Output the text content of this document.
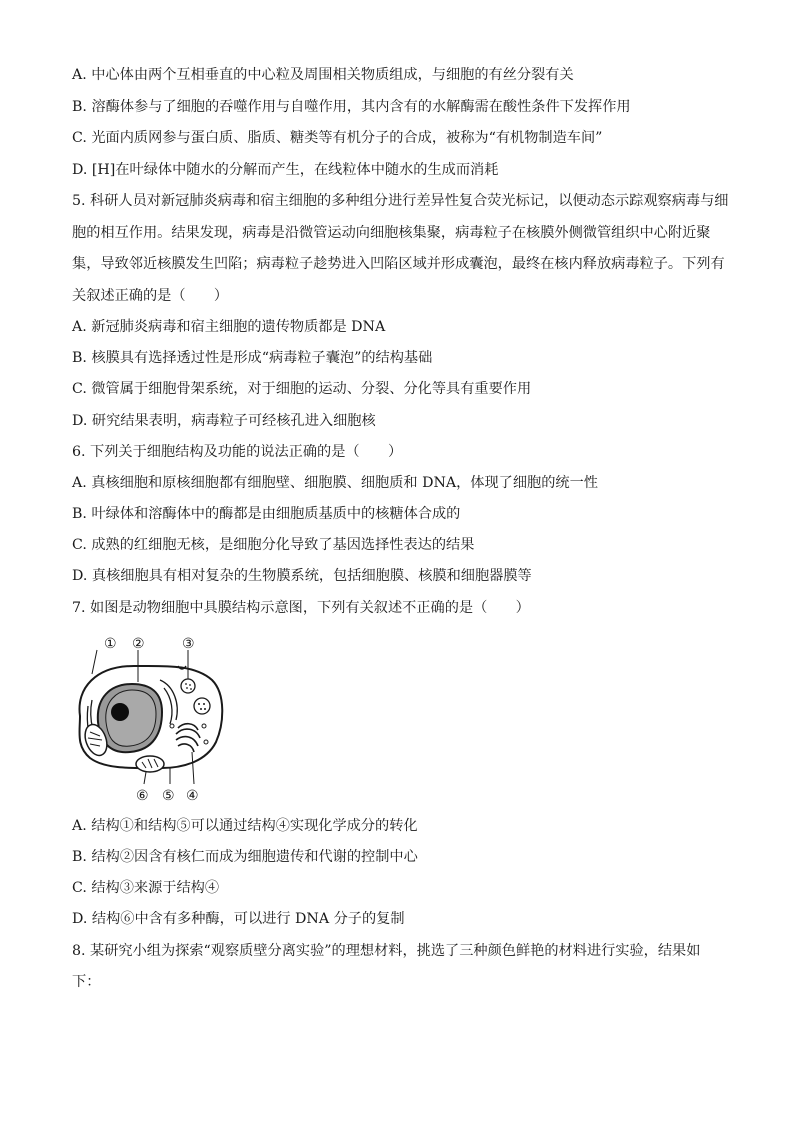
A. 中心体由两个互相垂直的中心粒及周围相关物质组成，与细胞的有丝分裂有关
B. 溶酶体参与了细胞的吞噬作用与自噬作用，其内含有的水解酶需在酸性条件下发挥作用
C. 光面内质网参与蛋白质、脂质、糖类等有机分子的合成，被称为“有机物制造车间”
D. [H]在叶绿体中随水的分解而产生，在线粒体中随水的生成而消耗
5. 科研人员对新冠肺炎病毒和宿主细胞的多种组分进行差异性复合荧光标记，以便动态示踪观察病毒与细
胞的相互作用。结果发现，病毒是沿微管运动向细胞核集聚，病毒粒子在核膜外侧微管组织中心附近聚
集，导致邻近核膜发生凹陷；病毒粒子趁势进入凹陷区域并形成囊泡，最终在核内释放病毒粒子。下列有
关叙述正确的是（　　）
A. 新冠肺炎病毒和宿主细胞的遗传物质都是 DNA
B. 核膜具有选择透过性是形成“病毒粒子囊泡”的结构基础
C. 微管属于细胞骨架系统，对于细胞的运动、分裂、分化等具有重要作用
D. 研究结果表明，病毒粒子可经核孔进入细胞核
6. 下列关于细胞结构及功能的说法正确的是（　　）
A. 真核细胞和原核细胞都有细胞壁、细胞膜、细胞质和 DNA，体现了细胞的统一性
B. 叶绿体和溶酶体中的酶都是由细胞质基质中的核糖体合成的
C. 成熟的红细胞无核，是细胞分化导致了基因选择性表达的结果
D. 真核细胞具有相对复杂的生物膜系统，包括细胞膜、核膜和细胞器膜等
7. 如图是动物细胞中具膜结构示意图，下列有关叙述不正确的是（　　）
① ②	③
⑥ ⑤ ④
A. 结构①和结构⑤可以通过结构④实现化学成分的转化
B. 结构②因含有核仁而成为细胞遗传和代谢的控制中心
C. 结构③来源于结构④
D. 结构⑥中含有多种酶，可以进行 DNA 分子的复制
8. 某研究小组为探索“观察质壁分离实验”的理想材料，挑选了三种颜色鲜艳的材料进行实验，结果如
下：
